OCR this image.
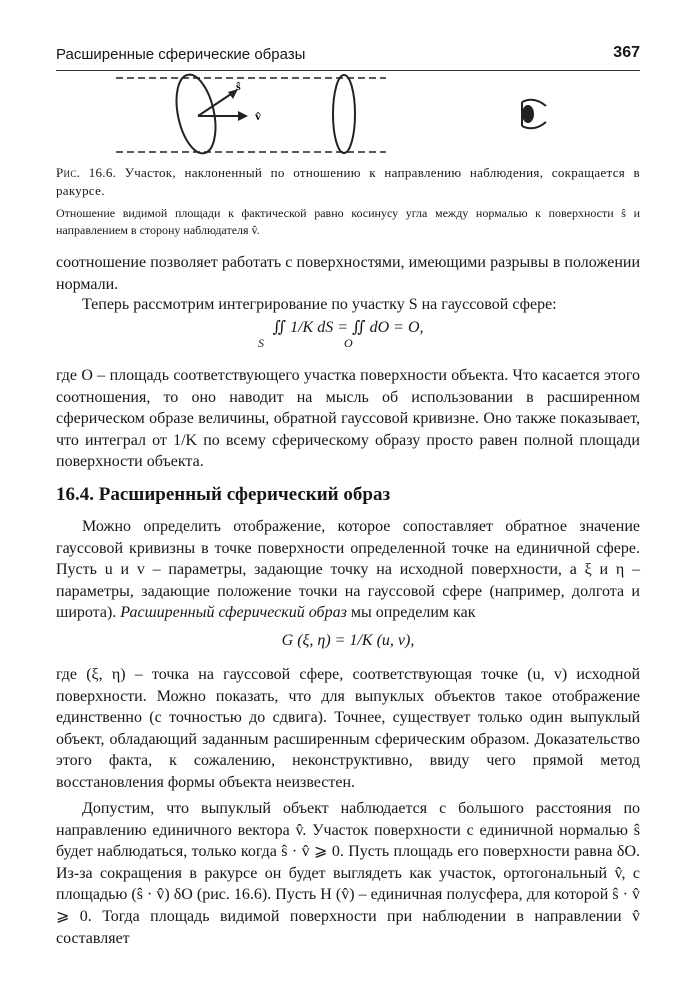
Расширенные сферические образы	367
ŝ
v̂
Рис. 16.6. Участок, наклоненный по отношению к направлению наблюдения, сокращается в ракурсе.
Отношение видимой площади к фактической равно косинусу угла между нормалью к поверхности ŝ и направлением в сторону наблюдателя v̂.

соотношение позволяет работать с поверхностями, имеющими разрывы в положении нормали.

Теперь рассмотрим интегрирование по участку S на гауссовой сфере:

∬ 1/K dS = ∬ dO = O,
S	O

где O – площадь соответствующего участка поверхности объекта. Что касается этого соотношения, то оно наводит на мысль об использовании в расширенном сферическом образе величины, обратной гауссовой кривизне. Оно также показывает, что интеграл от 1/K по всему сферическому образу просто равен полной площади поверхности объекта.

16.4. Расширенный сферический образ

Можно определить отображение, которое сопоставляет обратное значение гауссовой кривизны в точке поверхности определенной точке на единичной сфере. Пусть u и v – параметры, задающие точку на исходной поверхности, а ξ и η – параметры, задающие положение точки на гауссовой сфере (например, долгота и широта). Расширенный сферический образ мы определим как

G (ξ, η) = 1/K (u, v),

где (ξ, η) – точка на гауссовой сфере, соответствующая точке (u, v) исходной поверхности. Можно показать, что для выпуклых объектов такое отображение единственно (с точностью до сдвига). Точнее, существует только один выпуклый объект, обладающий заданным расширенным сферическим образом. Доказательство этого факта, к сожалению, неконструктивно, ввиду чего прямой метод восстановления формы объекта неизвестен.

Допустим, что выпуклый объект наблюдается с большого расстояния по направлению единичного вектора v̂. Участок поверхности с единичной нормалью ŝ будет наблюдаться, только когда ŝ · v̂ ⩾ 0. Пусть площадь его поверхности равна δO. Из-за сокращения в ракурсе он будет выглядеть как участок, ортогональный v̂, с площадью (ŝ · v̂) δO (рис. 16.6). Пусть H (v̂) – единичная полусфера, для которой ŝ · v̂ ⩾ 0. Тогда площадь видимой поверхности при наблюдении в направлении v̂ составляет
